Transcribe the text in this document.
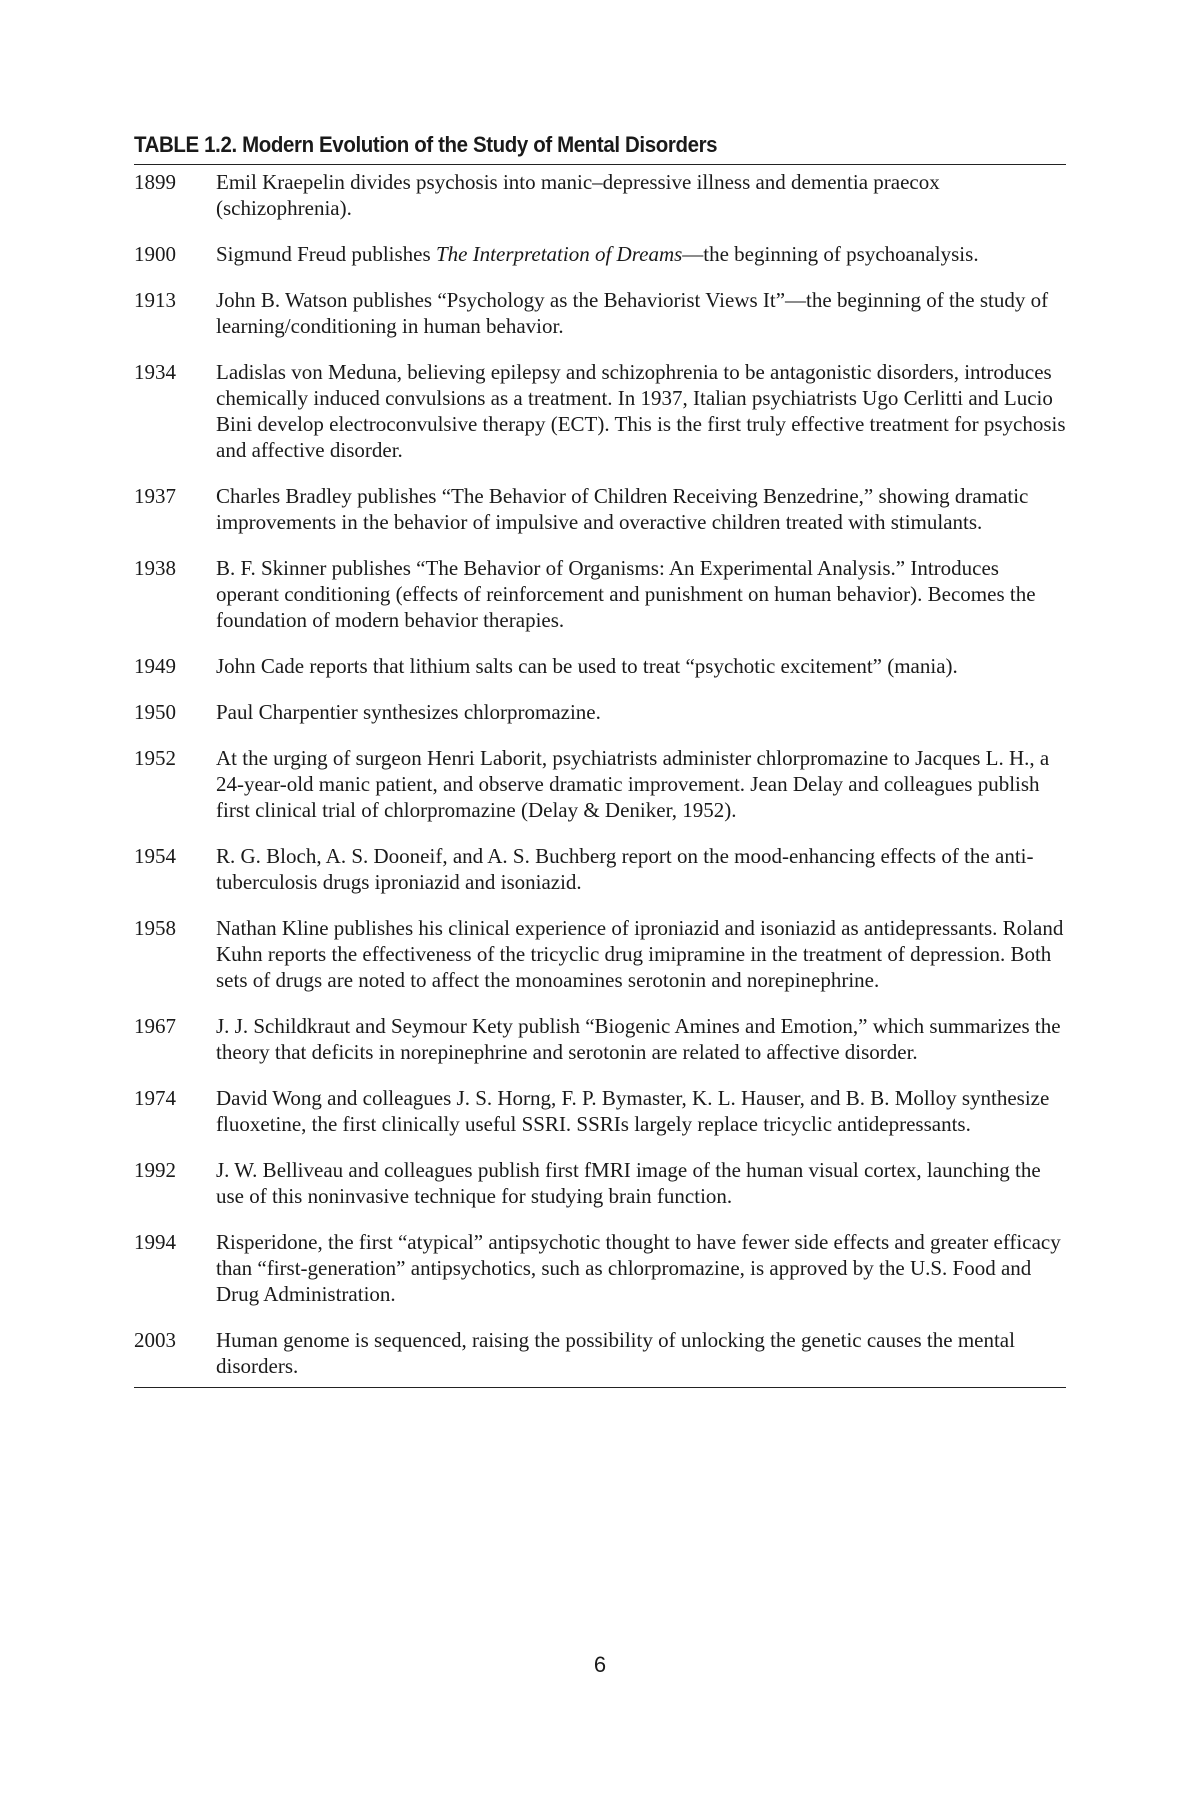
TABLE 1.2. Modern Evolution of the Study of Mental Disorders
1899	Emil Kraepelin divides psychosis into manic–depressive illness and dementia praecox (schizophrenia).
1900	Sigmund Freud publishes The Interpretation of Dreams—the beginning of psychoanalysis.
1913	John B. Watson publishes “Psychology as the Behaviorist Views It”—the beginning of the study of learning/conditioning in human behavior.
1934	Ladislas von Meduna, believing epilepsy and schizophrenia to be antagonistic disorders, introduces chemically induced convulsions as a treatment. In 1937, Italian psychiatrists Ugo Cerlitti and Lucio Bini develop electroconvulsive therapy (ECT). This is the first truly effective treatment for psychosis and affective disorder.
1937	Charles Bradley publishes “The Behavior of Children Receiving Benzedrine,” showing dramatic improvements in the behavior of impulsive and overactive children treated with stimulants.
1938	B. F. Skinner publishes “The Behavior of Organisms: An Experimental Analysis.” Introduces operant conditioning (effects of reinforcement and punishment on human behavior). Becomes the foundation of modern behavior therapies.
1949	John Cade reports that lithium salts can be used to treat “psychotic excitement” (mania).
1950	Paul Charpentier synthesizes chlorpromazine.
1952	At the urging of surgeon Henri Laborit, psychiatrists administer chlorpromazine to Jacques L. H., a 24-year-old manic patient, and observe dramatic improvement. Jean Delay and colleagues publish first clinical trial of chlorpromazine (Delay & Deniker, 1952).
1954	R. G. Bloch, A. S. Dooneif, and A. S. Buchberg report on the mood-enhancing effects of the anti-tuberculosis drugs iproniazid and isoniazid.
1958	Nathan Kline publishes his clinical experience of iproniazid and isoniazid as antidepressants. Roland Kuhn reports the effectiveness of the tricyclic drug imipramine in the treatment of depression. Both sets of drugs are noted to affect the monoamines serotonin and norepinephrine.
1967	J. J. Schildkraut and Seymour Kety publish “Biogenic Amines and Emotion,” which summarizes the theory that deficits in norepinephrine and serotonin are related to affective disorder.
1974	David Wong and colleagues J. S. Horng, F. P. Bymaster, K. L. Hauser, and B. B. Molloy synthesize fluoxetine, the first clinically useful SSRI. SSRIs largely replace tricyclic antidepressants.
1992	J. W. Belliveau and colleagues publish first fMRI image of the human visual cortex, launching the use of this noninvasive technique for studying brain function.
1994	Risperidone, the first “atypical” antipsychotic thought to have fewer side effects and greater efficacy than “first-generation” antipsychotics, such as chlorpromazine, is approved by the U.S. Food and Drug Administration.
2003	Human genome is sequenced, raising the possibility of unlocking the genetic causes the mental disorders.
6
